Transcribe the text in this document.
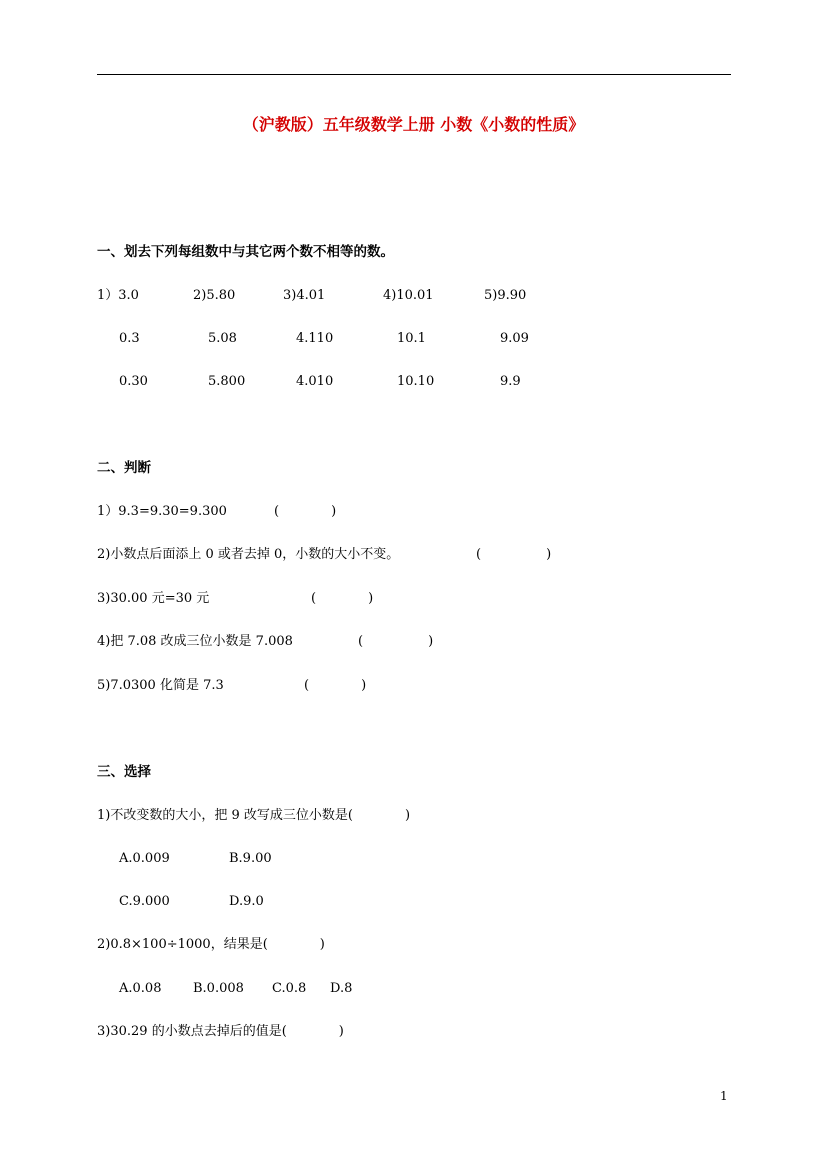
（沪教版）五年级数学上册 小数《小数的性质》
一、划去下列每组数中与其它两个数不相等的数。
1）3.0	2)5.80	3)4.01	4)10.01	5)9.90
0.3	5.08	4.110	10.1	9.09
0.30	5.800	4.010	10.10	9.9
二、判断
1）9.3=9.30=9.300	(　　　　)
2)小数点后面添上 0 或者去掉 0，小数的大小不变。	(　　　　　)
3)30.00 元=30 元	(　　　　)
4)把 7.08 改成三位小数是 7.008	(　　　　　)
5)7.0300 化简是 7.3	(　　　　)
三、选择
1)不改变数的大小，把 9 改写成三位小数是(　　　　)
A.0.009	B.9.00
C.9.000	D.9.0
2)0.8×100÷1000，结果是(　　　　)
A.0.08 B.0.008 C.0.8 D.8
3)30.29 的小数点去掉后的值是(　　　　)
1
